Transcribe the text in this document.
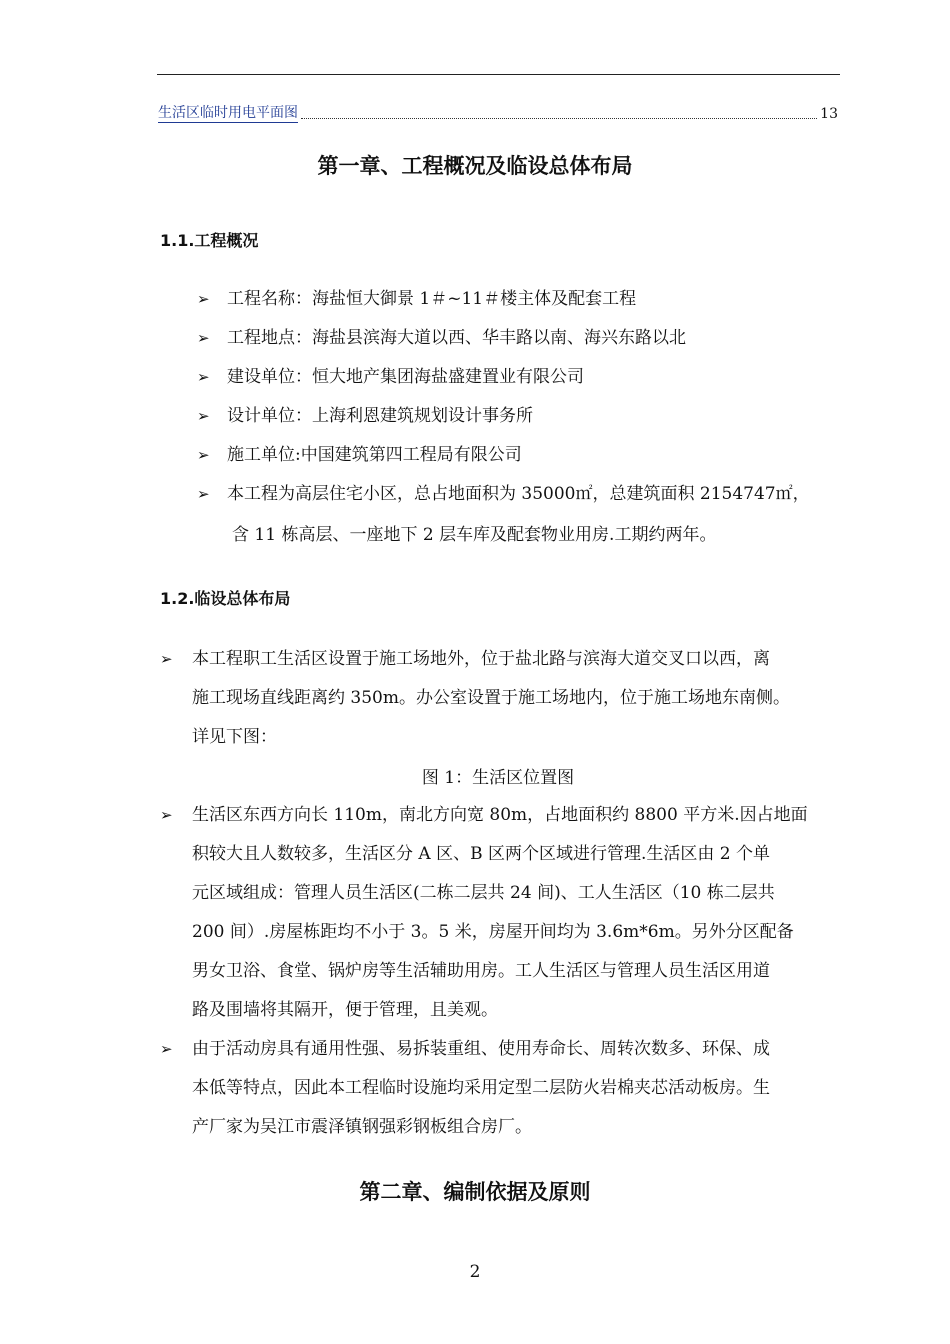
生活区临时用电平面图	13
第一章、工程概况及临设总体布局
1.1.工程概况
➢ 工程名称：海盐恒大御景 1＃~11＃楼主体及配套工程
➢ 工程地点：海盐县滨海大道以西、华丰路以南、海兴东路以北
➢ 建设单位：恒大地产集团海盐盛建置业有限公司
➢ 设计单位：上海利恩建筑规划设计事务所
➢ 施工单位:中国建筑第四工程局有限公司
➢ 本工程为高层住宅小区，总占地面积为 35000㎡，总建筑面积 2154747㎡，
含 11 栋高层、一座地下 2 层车库及配套物业用房.工期约两年。
1.2.临设总体布局
➢ 本工程职工生活区设置于施工场地外，位于盐北路与滨海大道交叉口以西，离
施工现场直线距离约 350m。办公室设置于施工场地内，位于施工场地东南侧。
详见下图：
图 1：生活区位置图
➢ 生活区东西方向长 110m，南北方向宽 80m，占地面积约 8800 平方米.因占地面
积较大且人数较多，生活区分 A 区、B 区两个区域进行管理.生活区由 2 个单
元区域组成：管理人员生活区(二栋二层共 24 间)、工人生活区（10 栋二层共
200 间）.房屋栋距均不小于 3。5 米，房屋开间均为 3.6m*6m。另外分区配备
男女卫浴、食堂、锅炉房等生活辅助用房。工人生活区与管理人员生活区用道
路及围墙将其隔开，便于管理，且美观。
➢ 由于活动房具有通用性强、易拆装重组、使用寿命长、周转次数多、环保、成
本低等特点，因此本工程临时设施均采用定型二层防火岩棉夹芯活动板房。生
产厂家为吴江市震泽镇钢强彩钢板组合房厂。
第二章、编制依据及原则
2
